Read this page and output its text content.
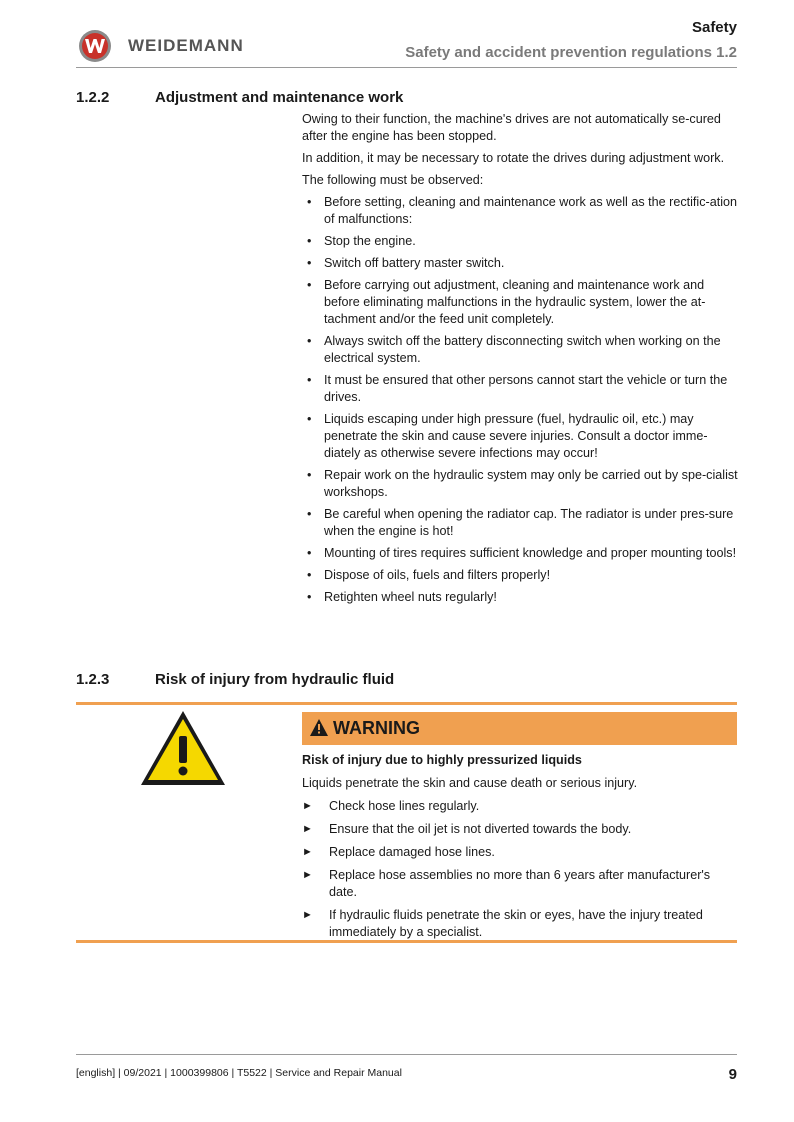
WEIDEMANN
Safety
Safety and accident prevention regulations 1.2
1.2.2	Adjustment and maintenance work

Owing to their function, the machine's drives are not automatically se-cured after the engine has been stopped.

In addition, it may be necessary to rotate the drives during adjustment work.

The following must be observed:

• Before setting, cleaning and maintenance work as well as the rectific-ation of malfunctions:
• Stop the engine.
• Switch off battery master switch.
• Before carrying out adjustment, cleaning and maintenance work and before eliminating malfunctions in the hydraulic system, lower the at-tachment and/or the feed unit completely.
• Always switch off the battery disconnecting switch when working on the electrical system.
• It must be ensured that other persons cannot start the vehicle or turn the drives.
• Liquids escaping under high pressure (fuel, hydraulic oil, etc.) may penetrate the skin and cause severe injuries. Consult a doctor imme-diately as otherwise severe infections may occur!
• Repair work on the hydraulic system may only be carried out by spe-cialist workshops.
• Be careful when opening the radiator cap. The radiator is under pres-sure when the engine is hot!
• Mounting of tires requires sufficient knowledge and proper mounting tools!
• Dispose of oils, fuels and filters properly!
• Retighten wheel nuts regularly!
1.2.3	Risk of injury from hydraulic fluid
WARNING
Risk of injury due to highly pressurized liquids

Liquids penetrate the skin and cause death or serious injury.

► Check hose lines regularly.
► Ensure that the oil jet is not diverted towards the body.
► Replace damaged hose lines.
► Replace hose assemblies no more than 6 years after manufacturer's date.
► If hydraulic fluids penetrate the skin or eyes, have the injury treated immediately by a specialist.
[english] | 09/2021 | 1000399806 | T5522 | Service and Repair Manual	9
